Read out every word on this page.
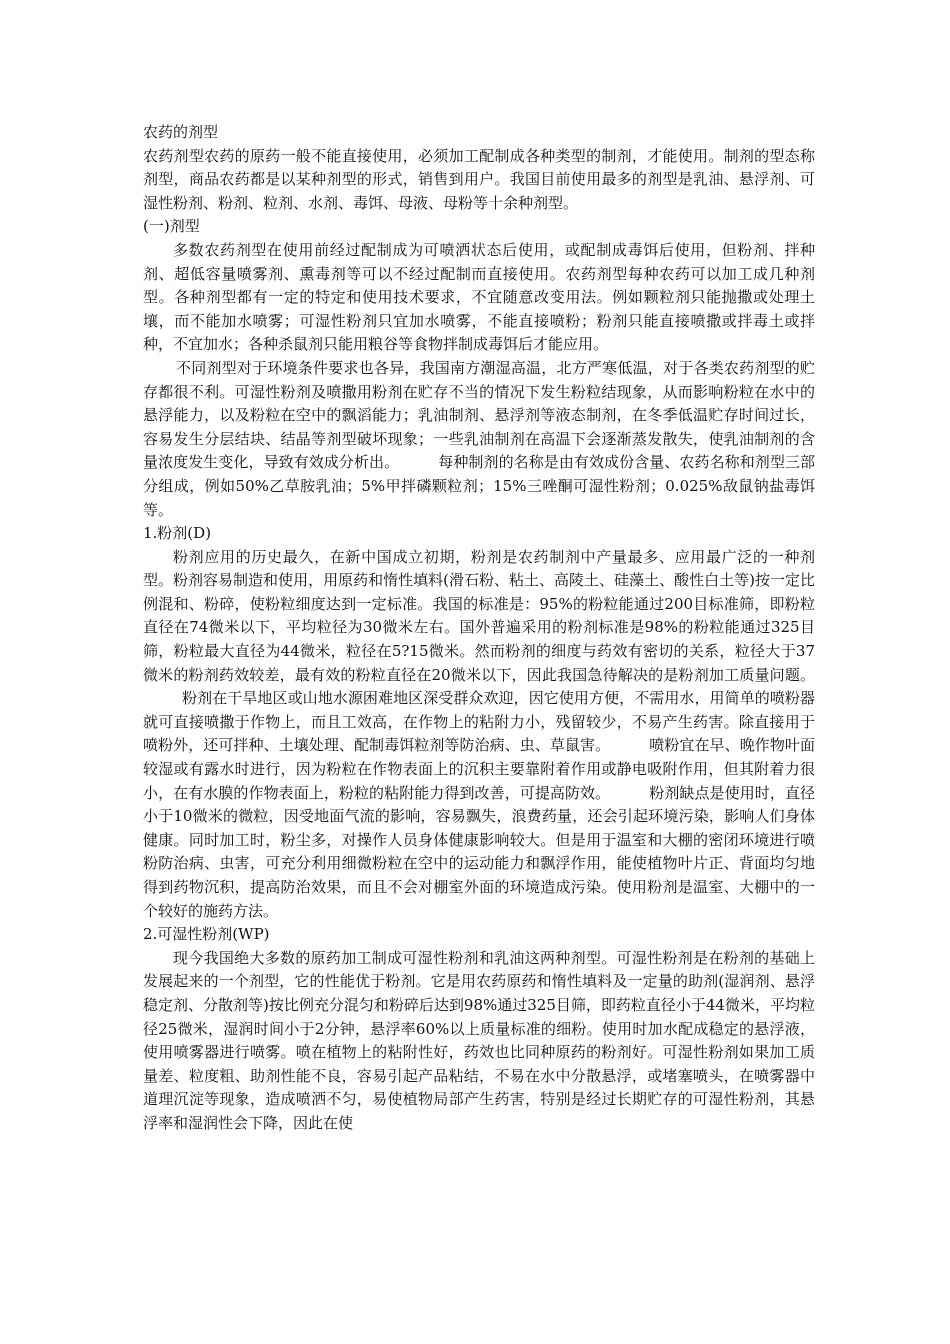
农药的剂型

农药剂型农药的原药一般不能直接使用，必须加工配制成各种类型的制剂，才能使用。制剂的型态称剂型，商品农药都是以某种剂型的形式，销售到用户。我国目前使用最多的剂型是乳油、悬浮剂、可湿性粉剂、粉剂、粒剂、水剂、毒饵、母液、母粉等十余种剂型。

(一)剂型

多数农药剂型在使用前经过配制成为可喷洒状态后使用，或配制成毒饵后使用，但粉剂、拌种剂、超低容量喷雾剂、熏毒剂等可以不经过配制而直接使用。农药剂型每种农药可以加工成几种剂型。各种剂型都有一定的特定和使用技术要求，不宜随意改变用法。例如颗粒剂只能抛撒或处理土壤，而不能加水喷雾；可湿性粉剂只宜加水喷雾，不能直接喷粉；粉剂只能直接喷撒或拌毒土或拌种，不宜加水；各种杀鼠剂只能用粮谷等食物拌制成毒饵后才能应用。

不同剂型对于环境条件要求也各异，我国南方潮湿高温，北方严寒低温，对于各类农药剂型的贮存都很不利。可湿性粉剂及喷撒用粉剂在贮存不当的情况下发生粉粒结现象，从而影响粉粒在水中的悬浮能力，以及粉粒在空中的飘滔能力；乳油制剂、悬浮剂等液态制剂，在冬季低温贮存时间过长，容易发生分层结块、结晶等剂型破坏现象；一些乳油制剂在高温下会逐渐蒸发散失，使乳油制剂的含量浓度发生变化，导致有效成分析出。	每种制剂的名称是由有效成份含量、农药名称和剂型三部分组成，例如50%乙草胺乳油；5%甲拌磷颗粒剂；15%三唑酮可湿性粉剂；0.025%敌鼠钠盐毒饵等。

1.粉剂(D)

粉剂应用的历史最久，在新中国成立初期，粉剂是农药制剂中产量最多、应用最广泛的一种剂型。粉剂容易制造和使用，用原药和惰性填料(滑石粉、粘土、高陵土、硅藻土、酸性白土等)按一定比例混和、粉碎，使粉粒细度达到一定标准。我国的标准是：95%的粉粒能通过200目标准筛，即粉粒直径在74微米以下，平均粒径为30微米左右。国外普遍采用的粉剂标准是98%的粉粒能通过325目筛，粉粒最大直径为44微米，粒径在5?15微米。然而粉剂的细度与药效有密切的关系，粒径大于37微米的粉剂药效较差，最有效的粉粒直径在20微米以下，因此我国急待解决的是粉剂加工质量问题。粉剂在干旱地区或山地水源困难地区深受群众欢迎，因它使用方便，不需用水，用简单的喷粉器就可直接喷撒于作物上，而且工效高，在作物上的粘附力小，残留较少，不易产生药害。除直接用于喷粉外，还可拌种、土壤处理、配制毒饵粒剂等防治病、虫、草鼠害。	喷粉宜在早、晚作物叶面较湿或有露水时进行，因为粉粒在作物表面上的沉积主要靠附着作用或静电吸附作用，但其附着力很小，在有水膜的作物表面上，粉粒的粘附能力得到改善，可提高防效。	粉剂缺点是使用时，直径小于10微米的微粒，因受地面气流的影响，容易飘失，浪费药量，还会引起环境污染，影响人们身体健康。同时加工时，粉尘多，对操作人员身体健康影响较大。但是用于温室和大棚的密闭环境进行喷粉防治病、虫害，可充分利用细微粉粒在空中的运动能力和飘浮作用，能使植物叶片正、背面均匀地得到药物沉积，提高防治效果，而且不会对棚室外面的环境造成污染。使用粉剂是温室、大棚中的一个较好的施药方法。

2.可湿性粉剂(WP)

现今我国绝大多数的原药加工制成可湿性粉剂和乳油这两种剂型。可湿性粉剂是在粉剂的基础上发展起来的一个剂型，它的性能优于粉剂。它是用农药原药和惰性填料及一定量的助剂(湿润剂、悬浮稳定剂、分散剂等)按比例充分混匀和粉碎后达到98%通过325目筛，即药粒直径小于44微米，平均粒径25微米，湿润时间小于2分钟，悬浮率60%以上质量标准的细粉。使用时加水配成稳定的悬浮液，使用喷雾器进行喷雾。喷在植物上的粘附性好，药效也比同种原药的粉剂好。可湿性粉剂如果加工质量差、粒度粗、助剂性能不良，容易引起产品粘结，不易在水中分散悬浮，或堵塞喷头，在喷雾器中道理沉淀等现象，造成喷洒不匀，易使植物局部产生药害，特别是经过长期贮存的可湿性粉剂，其悬浮率和湿润性会下降，因此在使
